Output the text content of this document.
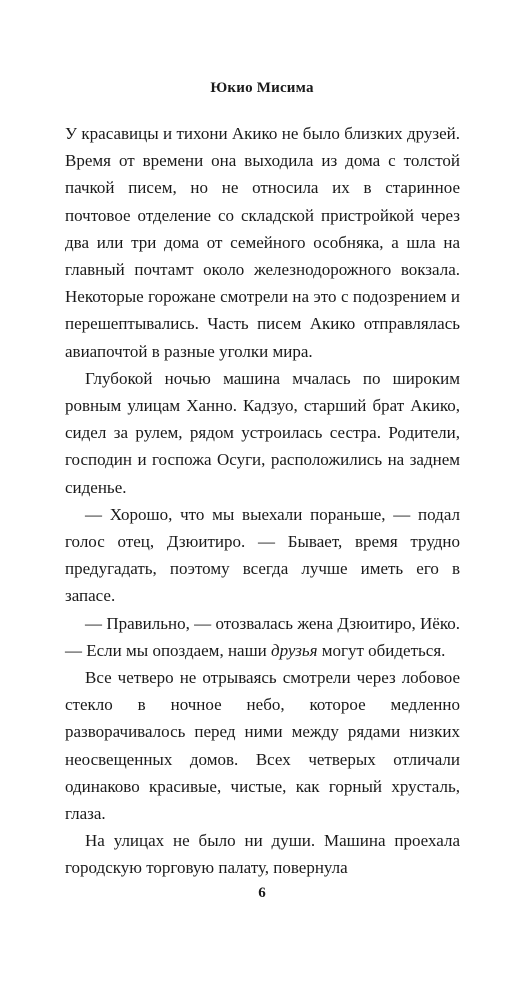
Юкио Мисима

У красавицы и тихони Акико не было близких друзей. Время от времени она выходила из дома с толстой пачкой писем, но не относила их в старинное почтовое отделение со складской пристройкой через два или три дома от семейного особняка, а шла на главный почтамт около железнодорожного вокзала. Некоторые горожане смотрели на это с подозрением и перешептывались. Часть писем Акико отправлялась авиапочтой в разные уголки мира.

Глубокой ночью машина мчалась по широким ровным улицам Ханно. Кадзуо, старший брат Акико, сидел за рулем, рядом устроилась сестра. Родители, господин и госпожа Осуги, расположились на заднем сиденье.

— Хорошо, что мы выехали пораньше, — подал голос отец, Дзюитиро. — Бывает, время трудно предугадать, поэтому всегда лучше иметь его в запасе.

— Правильно, — отозвалась жена Дзюитиро, Иёко. — Если мы опоздаем, наши друзья могут обидеться.

Все четверо не отрываясь смотрели через лобовое стекло в ночное небо, которое медленно разворачивалось перед ними между рядами низких неосвещенных домов. Всех четверых отличали одинаково красивые, чистые, как горный хрусталь, глаза.

На улицах не было ни души. Машина проехала городскую торговую палату, повернула

6
